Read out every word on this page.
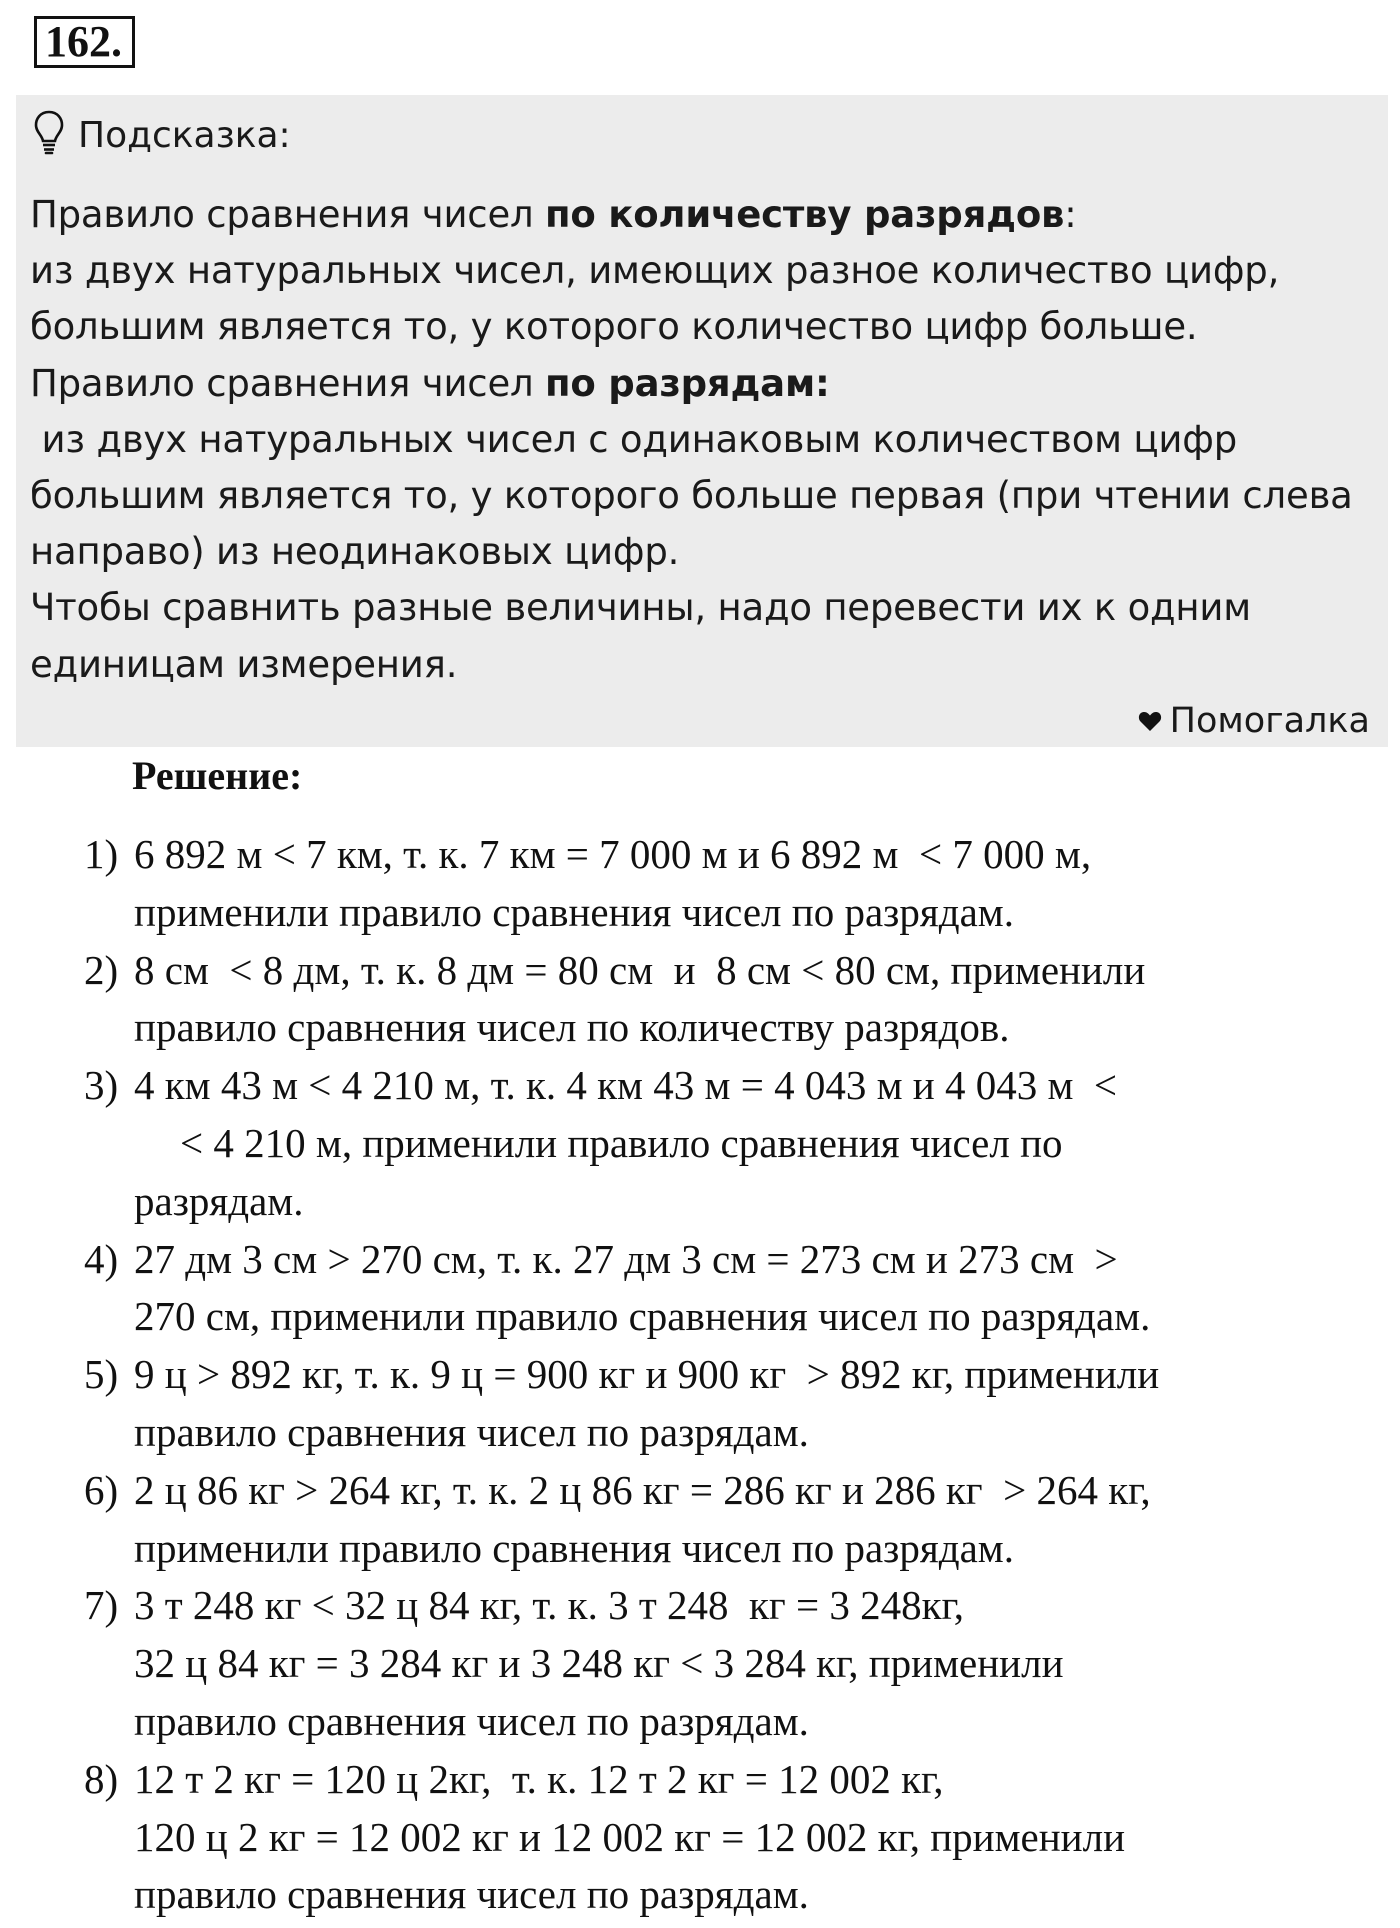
162.
Подсказка:

Правило сравнения чисел по количеству разрядов:

из двух натуральных чисел, имеющих разное количество цифр,

большим является то, у которого количество цифр больше.

Правило сравнения чисел по разрядам:

из двух натуральных чисел с одинаковым количеством цифр

большим является то, у которого больше первая (при чтении слева

направо) из неодинаковых цифр.

Чтобы сравнить разные величины, надо перевести их к одним

единицам измерения.

Помогалка
Решение:
1) 6 892 м < 7 км, т. к. 7 км = 7 000 м и 6 892 м  < 7 000 м,
применили правило сравнения чисел по разрядам.
2) 8 см  < 8 дм, т. к. 8 дм = 80 см  и  8 см < 80 см, применили
правило сравнения чисел по количеству разрядов.
3) 4 км 43 м < 4 210 м, т. к. 4 км 43 м = 4 043 м и 4 043 м  <
< 4 210 м, применили правило сравнения чисел по
разрядам.
4) 27 дм 3 см > 270 см, т. к. 27 дм 3 см = 273 см и 273 см  >
270 см, применили правило сравнения чисел по разрядам.
5) 9 ц > 892 кг, т. к. 9 ц = 900 кг и 900 кг  > 892 кг, применили
правило сравнения чисел по разрядам.
6) 2 ц 86 кг > 264 кг, т. к. 2 ц 86 кг = 286 кг и 286 кг  > 264 кг,
применили правило сравнения чисел по разрядам.
7) 3 т 248 кг < 32 ц 84 кг, т. к. 3 т 248  кг = 3 248кг,
32 ц 84 кг = 3 284 кг и 3 248 кг < 3 284 кг, применили
правило сравнения чисел по разрядам.
8) 12 т 2 кг = 120 ц 2кг,  т. к. 12 т 2 кг = 12 002 кг,
120 ц 2 кг = 12 002 кг и 12 002 кг = 12 002 кг, применили
правило сравнения чисел по разрядам.
